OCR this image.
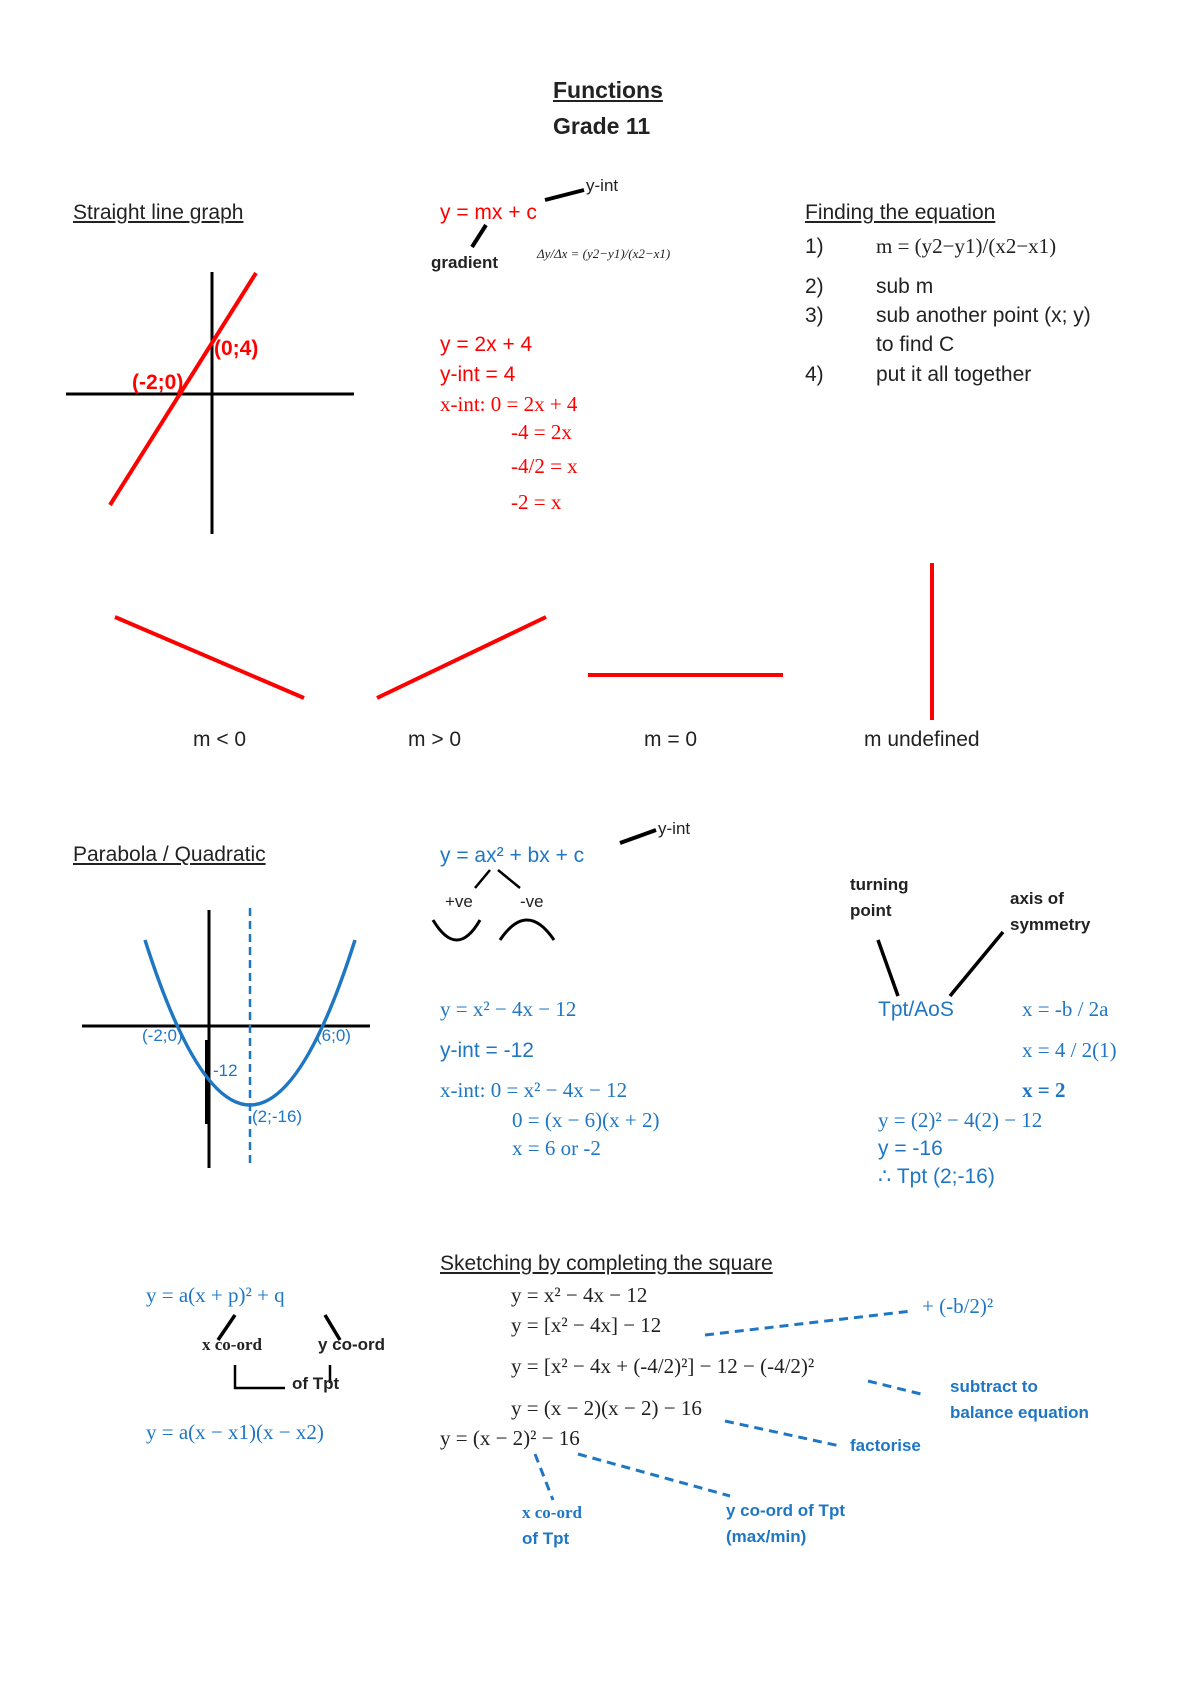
Functions
Grade 11
Straight line graph
(0;4)
(-2;0)
y = mx + c
y-int
gradient	Δy/Δx = (y2−y1)/(x2−x1)
y = 2x + 4
y-int = 4
x-int: 0 = 2x + 4
-4 = 2x
-4/2 = x
-2 = x
Finding the equation
1) m = (y2−y1)/(x2−x1)
2) sub m
3) sub another point (x; y)
to find C
4) put it all together
m < 0	m > 0	m = 0	m undefined
Parabola / Quadratic
(-2;0)	(6;0)
-12
(2;-16)
y = ax² + bx + c
y-int
+ve	-ve
y = x² − 4x − 12
y-int = -12
x-int: 0 = x² − 4x − 12
0 = (x − 6)(x + 2)
x = 6 or -2
turning
point
axis of
symmetry
Tpt/AoS	x = -b / 2a
x = 4 / 2(1)
x = 2
y = (2)² − 4(2) − 12
y = -16
∴ Tpt (2;-16)
y = a(x + p)² + q
x co-ord	y co-ord
of Tpt
y = a(x − x1)(x − x2)
Sketching by completing the square
y = x² − 4x − 12
y = [x² − 4x] − 12
y = [x² − 4x + (-4/2)²] − 12 − (-4/2)²
y = (x − 2)(x − 2) − 16
y = (x − 2)² − 16
+ (-b/2)²
subtract to
balance equation
factorise
x co-ord
of Tpt
y co-ord of Tpt
(max/min)
